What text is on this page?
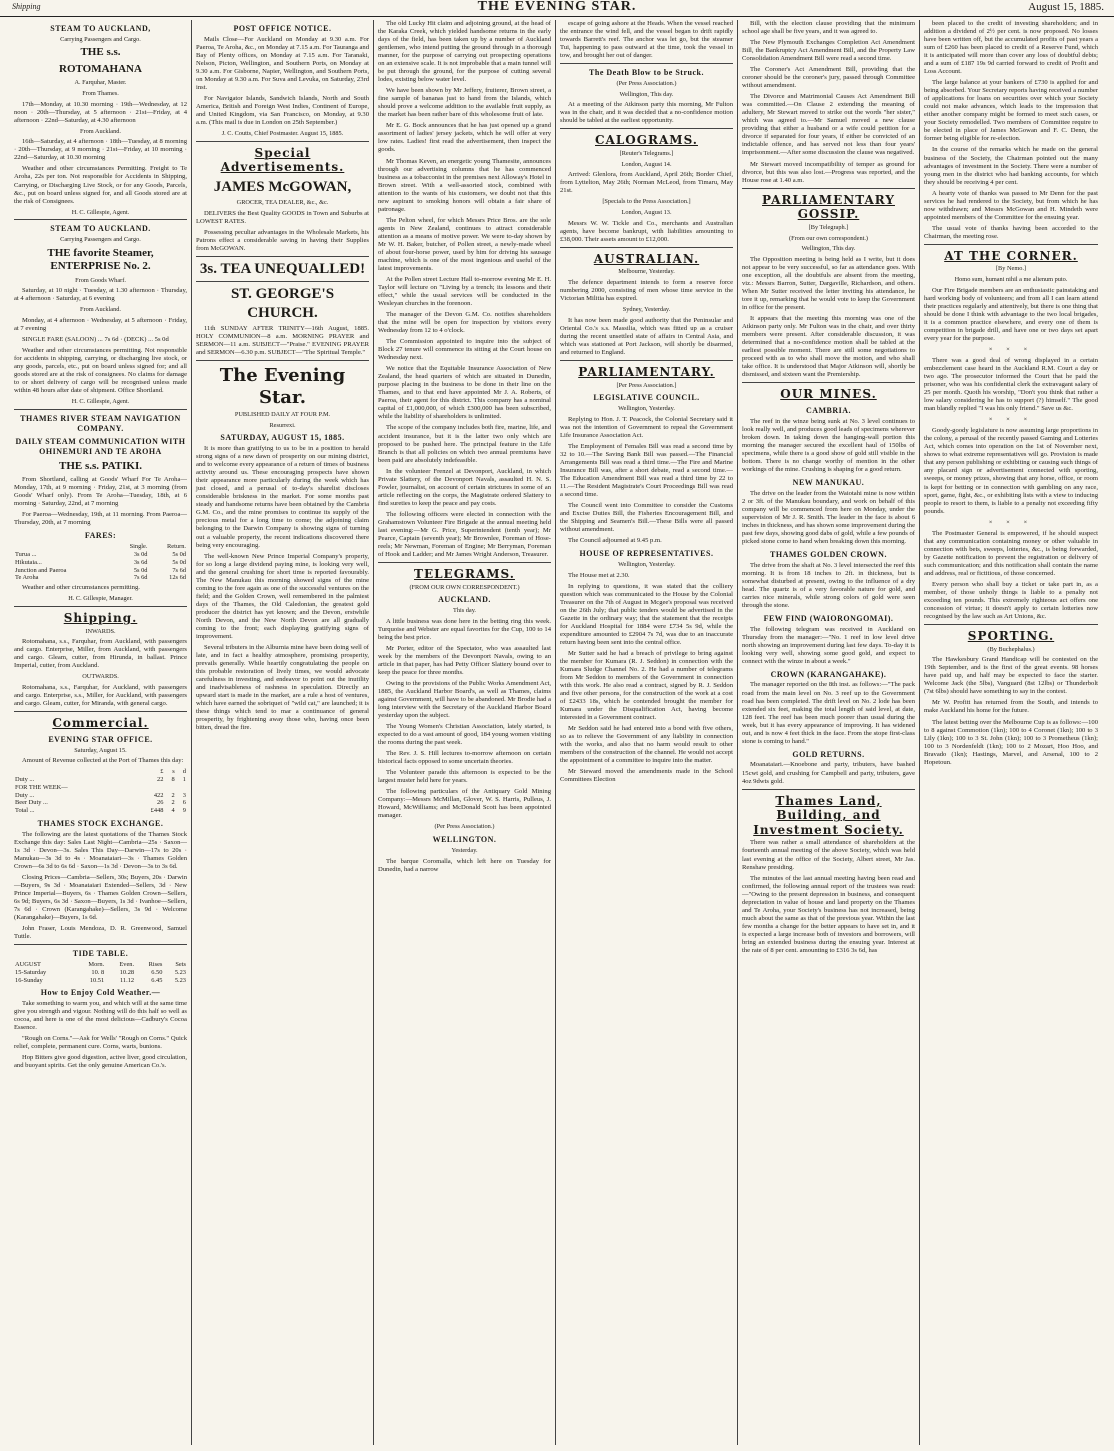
Shipping	THE EVENING STAR.	August 15, 1885.
STEAM TO AUCKLAND,
Carrying Passengers and Cargo.
THE s.s.
ROTOMAHANA
A. Farquhar, Master.
From Thames.

17th—Monday, at 10.30 morning · 19th—Wednesday, at 12 noon · 20th—Thursday, at 5 afternoon · 21st—Friday, at 4 afternoon · 22nd—Saturday, at 4.30 afternoon

From Auckland.

16th—Saturday, at 4 afternoon · 18th—Tuesday, at 8 morning · 20th—Thursday, at 9 morning · 21st—Friday, at 10 morning · 22nd—Saturday, at 10.30 morning

Weather and other circumstances Permitting. Freight to Te Aroha, 22s per ton. Not responsible for Accidents in Shipping, Carrying, or Discharging Live Stock, or for any Goods, Parcels, &c., put on board unless signed for, and all Goods stored are at the risk of Consignees.

H. C. Gillespie, Agent.
STEAM TO AUCKLAND.
Carrying Passengers and Cargo.
THE favorite Steamer, ENTERPRISE No. 2.
From Goods Wharf.

Saturday, at 10 night · Tuesday, at 1.30 afternoon · Thursday, at 4 afternoon · Saturday, at 6 evening

From Auckland.

Monday, at 4 afternoon · Wednesday, at 5 afternoon · Friday, at 7 evening

SINGLE FARE (SALOON) ... 7s 6d · (DECK) ... 5s 0d

Weather and other circumstances permitting. Not responsible for accidents in shipping, carrying, or discharging live stock, or any goods, parcels, etc., put on board unless signed for; and all goods stored are at the risk of consignees. No claims for damage to or short delivery of cargo will be recognised unless made within 48 hours after date of shipment. Office Shortland.

H. C. Gillespie, Agent.
THAMES RIVER STEAM NAVIGATION COMPANY.
DAILY STEAM COMMUNICATION WITH OHINEMURI AND TE AROHA
THE s.s. PATIKI.

From Shortland, calling at Goods' Wharf For Te Aroha—Monday, 17th, at 9 morning · Friday, 21st, at 3 morning (from Goods' Wharf only). From Te Aroha—Tuesday, 18th, at 6 morning · Saturday, 22nd, at 7 morning

For Paeroa—Wednesday, 19th, at 11 morning. From Paeroa—Thursday, 20th, at 7 morning

FARES:
	Single.	Return.
Turua ...	3s 0d	5s 0d
Hikutaia...	3s 6d	5s 0d
Junction and Paeroa	5s 0d	7s 6d
Te Aroha	7s 6d	12s 6d

Weather and other circumstances permitting.

H. C. Gillespie, Manager.
Shipping.
INWARDS.

Rotomahana, s.s., Farquhar, from Auckland, with passengers and cargo. Enterprise, Miller, from Auckland, with passengers and cargo. Gleam, cutter, from Hirunda, in ballast. Prince Imperial, cutter, from Auckland.

OUTWARDS.

Rotomahana, s.s., Farquhar, for Auckland, with passengers and cargo. Enterprise, s.s., Miller, for Auckland, with passengers and cargo. Gleam, cutter, for Miranda, with general cargo.

Commercial.
EVENING STAR OFFICE.
Saturday, August 15.

Amount of Revenue collected at the Port of Thames this day:

	£	s	d
Duty ...	22	8	1
FOR THE WEEK—			
Duty ...	422	2	3
Beer Duty ...	26	2	6
Total ...	£448	4	9
THAMES STOCK EXCHANGE.

The following are the latest quotations of the Thames Stock Exchange this day: Sales Last Night—Cambria—25s · Saxon—1s 3d · Devon—3s. Sales This Day—Darwin—17s to 20s · Manukau—3s 3d to 4s · Moanataiari—3s · Thames Golden Crown—6s 3d to 6s 6d · Saxon—1s 3d · Devon—3s to 3s 6d.

Closing Prices—Cambria—Sellers, 30s; Buyers, 20s · Darwin—Buyers, 9s 3d · Moanataiari Extended—Sellers, 3d · New Prince Imperial—Buyers, 6s · Thames Golden Crown—Sellers, 6s 9d; Buyers, 6s 3d · Saxon—Buyers, 1s 3d · Ivanhoe—Sellers, 7s 6d · Crown (Karangahake)—Sellers, 3s 9d · Welcome (Karangahake)—Buyers, 1s 6d.

John Fraser, Louis Mendoza, D. R. Greenwood, Samuel Tuttle.

TIDE TABLE.
AUGUST	Morn.	Even.	Rises	Sets
15-Saturday	10. 8	10.28	6.50	5.23
16-Sunday	10.51	11.12	6.45	5.23
How to Enjoy Cold Weather.—

Take something to warm you, and which will at the same time give you strength and vigour. Nothing will do this half so well as cocoa, and here is one of the most delicious—Cadbury's Cocoa Essence.

"Rough on Corns."—Ask for Wells' "Rough on Corns." Quick relief, complete, permanent cure. Corns, warts, bunions.

Hop Bitters give good digestion, active liver, good circulation, and buoyant spirits. Get the only genuine American Co.'s.

POST OFFICE NOTICE.

Mails Close—For Auckland on Monday at 9.30 a.m. For Paeroa, Te Aroha, &c., on Monday at 7.15 a.m. For Tauranga and Bay of Plenty offices, on Monday at 7.15 a.m. For Taranaki, Nelson, Picton, Wellington, and Southern Ports, on Monday at 9.30 a.m. For Gisborne, Napier, Wellington, and Southern Ports, on Monday at 9.30 a.m. For Suva and Levuka, on Saturday, 23rd inst.

For Navigator Islands, Sandwich Islands, North and South America, British and Foreign West Indies, Continent of Europe, and United Kingdom, via San Francisco, on Monday, at 9.30 a.m. (This mail is due in London on 25th September.)

J. C. Coutts, Chief Postmaster. August 15, 1885.
Special Advertisements.
JAMES McGOWAN,
GROCER, TEA DEALER, &c., &c.

DELIVERS the Best Quality GOODS in Town and Suburbs at LOWEST RATES.

Possessing peculiar advantages in the Wholesale Markets, his Patrons effect a considerable saving in having their Supplies from McGOWAN.

3s. TEA UNEQUALLED!
ST. GEORGE'S CHURCH.

11th SUNDAY AFTER TRINITY—16th August, 1885. HOLY COMMUNION—8 a.m. MORNING PRAYER and SERMON—11 a.m. SUBJECT—"Praise." EVENING PRAYER and SERMON—6.30 p.m. SUBJECT—"The Spiritual Temple."

The Evening Star.
PUBLISHED DAILY AT FOUR P.M.
Resurrexi.
SATURDAY, AUGUST 15, 1885.

It is more than gratifying to us to be in a position to herald strong signs of a new dawn of prosperity on our mining district, and to welcome every appearance of a return of times of business activity around us. These encouraging prospects have shown their appearance more particularly during the week which has just closed, and a perusal of to-day's sharelist discloses considerable briskness in the market. For some months past steady and handsome returns have been obtained by the Cambria G.M. Co., and the mine promises to continue its supply of the precious metal for a long time to come; the adjoining claim belonging to the Darwin Company is showing signs of turning out a valuable property, the recent indications discovered there being very encouraging.

The well-known New Prince Imperial Company's property, for so long a large dividend paying mine, is looking very well, and the general crushing for short time is reported favourably. The New Manukau this morning showed signs of the mine coming to the fore again as one of the successful ventures on the field; and the Golden Crown, well remembered in the palmiest days of the Thames, the Old Caledonian, the greatest gold producer the district has yet known; and the Devon, erstwhile North Devon, and the New North Devon are all gradually coming to the front; each displaying gratifying signs of improvement.

Several tributers in the Alburnia mine have been doing well of late, and in fact a healthy atmosphere, promising prosperity, prevails generally. While heartily congratulating the people on this probable restoration of lively times, we would advocate carefulness in investing, and endeavor to point out the inutility and inadvisableness of rashness in speculation. Directly an upward start is made in the market, are a rule a host of ventures, which have earned the sobriquet of "wild cat," are launched; it is these things which tend to mar a continuance of general prosperity, by frightening away those who, having once been bitten, dread the fire.

The old Lucky Hit claim and adjoining ground, at the head of the Karaka Creek, which yielded handsome returns in the early days of the field, has been taken up by a number of Auckland gentlemen, who intend putting the ground through in a thorough manner, for the purpose of carrying out prospecting operations on an extensive scale. It is not improbable that a main tunnel will be put through the ground, for the purpose of cutting several lodes, existing below water level.

We have been shown by Mr Jeffery, fruiterer, Brown street, a fine sample of bananas just to hand from the Islands, which should prove a welcome addition to the available fruit supply, as the market has been rather bare of this wholesome fruit of late.

Mr E. G. Bock announces that he has just opened up a grand assortment of ladies' jersey jackets, which he will offer at very low rates. Ladies! first read the advertisement, then inspect the goods.

Mr Thomas Keven, an energetic young Thamesite, announces through our advertising columns that he has commenced business as a tobacconist in the premises next Alloway's Hotel in Brown street. With a well-assorted stock, combined with attention to the wants of his customers, we doubt not that this new aspirant to smoking honors will obtain a fair share of patronage.

The Pelton wheel, for which Messrs Price Bros. are the sole agents in New Zealand, continues to attract considerable attention as a means of motive power. We were to-day shown by Mr W. H. Baker, butcher, of Pollen street, a newly-made wheel of about four-horse power, used by him for driving his sausage machine, which is one of the most ingenious and useful of the latest improvements.

At the Pollen street Lecture Hall to-morrow evening Mr E. H. Taylor will lecture on "Living by a trench; its lessons and their effect," while the usual services will be conducted in the Wesleyan churches in the forenoon.

The manager of the Devon G.M. Co. notifies shareholders that the mine will be open for inspection by visitors every Wednesday from 12 to 4 o'clock.

The Commission appointed to inquire into the subject of Block 27 tenure will commence its sitting at the Court house on Wednesday next.

We notice that the Equitable Insurance Association of New Zealand, the head quarters of which are situated in Dunedin, purpose placing in the business to be done in their line on the Thames, and to that end have appointed Mr J. A. Roberts, of Paeroa, their agent for this district. This company has a nominal capital of £1,000,000, of which £300,000 has been subscribed, while the liability of shareholders is unlimited.

The scope of the company includes both fire, marine, life, and accident insurance, but it is the latter two only which are proposed to be pushed here. The principal feature in the Life Branch is that all policies on which two annual premiums have been paid are absolutely indefeasible.

In the volunteer Frenzel at Devonport, Auckland, in which Private Slattery, of the Devonport Navals, assaulted H. N. S. Fowler, journalist, on account of certain strictures in some of an article reflecting on the corps, the Magistrate ordered Slattery to find sureties to keep the peace and pay costs.

The following officers were elected in connection with the Grahamstown Volunteer Fire Brigade at the annual meeting held last evening:—Mr G. Price, Superintendent (tenth year); Mr Pearce, Captain (seventh year); Mr Brownlee, Foreman of Hose-reels; Mr Newman, Foreman of Engine; Mr Berryman, Foreman of Hook and Ladder; and Mr James Wright Anderson, Treasurer.

TELEGRAMS.
(FROM OUR OWN CORRESPONDENT.)
AUCKLAND.
This day.

A little business was done here in the betting ring this week. Turquoise and Webster are equal favorites for the Cup, 100 to 14 being the best price.

Mr Porter, editor of the Spectator, who was assaulted last week by the members of the Devonport Navals, owing to an article in that paper, has had Petty Officer Slattery bound over to keep the peace for three months.

Owing to the provisions of the Public Works Amendment Act, 1885, the Auckland Harbor Board's, as well as Thames, claims against Government, will have to be abandoned. Mr Brodie had a long interview with the Secretary of the Auckland Harbor Board yesterday upon the subject.

The Young Women's Christian Association, lately started, is expected to do a vast amount of good, 184 young women visiting the rooms during the past week.

The Rev. J. S. Hill lectures to-morrow afternoon on certain historical facts opposed to some uncertain theories.

The Volunteer parade this afternoon is expected to be the largest muster held here for years.

The following particulars of the Antiquary Gold Mining Company:—Messrs McMillan, Glover, W. S. Harris, Pulleus, J. Howard, McWilliams; and McDonald Scott has been appointed manager.

(Per Press Association.)
WELLINGTON.
Yesterday.

The barque Coromalla, which left here on Tuesday for Dunedin, had a narrow

escape of going ashore at the Heads. When the vessel reached the entrance the wind fell, and the vessel began to drift rapidly towards Barrett's reef. The anchor was let go, but the steamer Tui, happening to pass outward at the time, took the vessel in tow, and brought her out of danger.

The Death Blow to be Struck.
(Per Press Association.)
Wellington, This day.

At a meeting of the Atkinson party this morning, Mr Fulton was in the chair, and it was decided that a no-confidence motion should be tabled at the earliest opportunity.

CALOGRAMS.
[Reuter's Telegrams.]
London, August 14.

Arrived: Glenlora, from Auckland, April 26th; Border Chief, from Lyttelton, May 26th; Norman McLeod, from Timaru, May 21st.

[Specials to the Press Association.]
London, August 13.

Messrs W. W. Tickle and Co., merchants and Australian agents, have become bankrupt, with liabilities amounting to £38,000. Their assets amount to £12,000.

AUSTRALIAN.
Melbourne, Yesterday.

The defence department intends to form a reserve force numbering 2000, consisting of men whose time service in the Victorian Militia has expired.

Sydney, Yesterday.

It has now been made good authority that the Peninsular and Oriental Co.'s s.s. Massilia, which was fitted up as a cruiser during the recent unsettled state of affairs in Central Asia, and which was stationed at Port Jackson, will shortly be disarmed, and returned to England.

PARLIAMENTARY.
[Per Press Association.]
LEGISLATIVE COUNCIL.
Wellington, Yesterday.

Replying to Hon. J. T. Peacock, the Colonial Secretary said it was not the intention of Government to repeal the Government Life Insurance Association Act.

The Employment of Females Bill was read a second time by 32 to 10.—The Saving Bank Bill was passed.—The Financial Arrangements Bill was read a third time.—The Fire and Marine Insurance Bill was, after a short debate, read a second time.—The Education Amendment Bill was read a third time by 22 to 11.—The Resident Magistrate's Court Proceedings Bill was read a second time.

The Council went into Committee to consider the Customs and Excise Duties Bill, the Fisheries Encouragement Bill, and the Shipping and Seamen's Bill.—These Bills were all passed without amendment.

The Council adjourned at 9.45 p.m.

HOUSE OF REPRESENTATIVES.
Wellington, Yesterday.

The House met at 2.30.

In replying to questions, it was stated that the colliery question which was communicated to the House by the Colonial Treasurer on the 7th of August in Mcgee's proposal was received on the 26th July; that public tenders would be advertised in the Gazette in the ordinary way; that the statement that the receipts for Auckland Hospital for 1884 were £734 5s 9d, while the expenditure amounted to £2904 7s 7d, was due to an inaccurate return having been sent into the central office.

Mr Sutter said he had a breach of privilege to bring against the member for Kumara (R. J. Seddon) in connection with the Kumara Sludge Channel No. 2. He had a number of telegrams from Mr Seddon to members of the Government in connection with this work. He also read a contract, signed by R. J. Seddon and five other persons, for the construction of the work at a cost of £2433 18s, which he contended brought the member for Kumara under the Disqualification Act, having become interested in a Government contract.

Mr Seddon said he had entered into a bond with five others, so as to relieve the Government of any liability in connection with the works, and also that no harm would result to other members of the construction of the channel. He would not accept the appointment of a committee to inquire into the matter.

Mr Steward moved the amendments made in the School Committees Election

Bill, with the election clause providing that the minimum school age shall be five years, and it was agreed to.

The New Plymouth Exchanges Completion Act Amendment Bill, the Bankruptcy Act Amendment Bill, and the Property Law Consolidation Amendment Bill were read a second time.

The Coroner's Act Amendment Bill, providing that the coroner should be the coroner's jury, passed through Committee without amendment.

The Divorce and Matrimonial Causes Act Amendment Bill was committed.—On Clause 2 extending the meaning of adultery, Mr Stewart moved to strike out the words "her sister," which was agreed to.—Mr Samuel moved a new clause providing that either a husband or a wife could petition for a divorce if separated for four years, if either be convicted of an indictable offence, and has served not less than four years' imprisonment.—After some discussion the clause was negatived.

Mr Stewart moved incompatibility of temper as ground for divorce, but this was also lost.—Progress was reported, and the House rose at 1.40 a.m.

PARLIAMENTARY GOSSIP.
[By Telegraph.]
(From our own correspondent.)
Wellington, This day.

The Opposition meeting is being held as I write, but it does not appear to be very successful, so far as attendance goes. With one exception, all the doubtfuls are absent from the meeting, viz.: Messrs Barron, Sutter, Dargaville, Richardson, and others. When Mr Sutter received the letter inviting his attendance, he tore it up, remarking that he would vote to keep the Government in office for the present.

It appears that the meeting this morning was one of the Atkinson party only. Mr Fulton was in the chair, and over thirty members were present. After considerable discussion, it was determined that a no-confidence motion shall be tabled at the earliest possible moment. There are still some negotiations to proceed with as to who shall move the motion, and who shall take office. It is understood that Major Atkinson will, shortly be dismissed, and sixteen want the Premiership.

OUR MINES.
CAMBRIA.

The reef in the winze being sunk at No. 3 level continues to look really well, and produces good leads of specimens wherever broken down. In taking down the hanging-wall portion this morning the manager secured the excellent haul of 150lbs of specimens, while there is a good show of gold still visible in the bottom. There is no change worthy of mention in the other workings of the mine. Crushing is shaping for a good return.

NEW MANUKAU.

The drive on the leader from the Waiotahi mine is now within 2 or 3ft. of the Manukau boundary, and work on behalf of this company will be commenced from here on Monday, under the supervision of Mr J. R. Smith. The leader in the face is about 6 inches in thickness, and has shown some improvement during the past few days, showing good dabs of gold, while a few pounds of picked stone come to hand when breaking down this morning.

THAMES GOLDEN CROWN.

The drive from the shaft at No. 3 level intersected the reef this morning. It is from 18 inches to 2ft. in thickness, but is somewhat disturbed at present, owing to the influence of a dry head. The quartz is of a very favorable nature for gold, and carries nice minerals, while strong colors of gold were seen through the stone.

FEW FIND (WAIORONGOMAI).

The following telegram was received in Auckland on Thursday from the manager:—"No. 1 reef in low level drive north showing an improvement during last few days. To-day it is looking very well, showing some good gold, and expect to connect with the winze in about a week."

CROWN (KARANGAHAKE).

The manager reported on the 8th inst. as follows:—"The pack road from the main level on No. 3 reef up to the Government road has been completed. The drift level on No. 2 lode has been extended six feet, making the total length of said level, at date, 128 feet. The reef has been much poorer than usual during the week, but it has every appearance of improving. It has widened out, and is now 4 feet thick in the face. From the stope first-class stone is coming to hand."

GOLD RETURNS.

Moanataiari.—Knoebone and party, tributers, have bashed 15cwt gold, and crushing for Campbell and party, tributers, gave 4oz 9dwts gold.

Thames Land, Building, and Investment Society.

There was rather a small attendance of shareholders at the fourteenth annual meeting of the above Society, which was held last evening at the office of the Society, Albert street, Mr Jas. Renshaw presiding.

The minutes of the last annual meeting having been read and confirmed, the following annual report of the trustees was read:—"Owing to the present depression in business, and consequent depreciation in value of house and land property on the Thames and Te Aroha, your Society's business has not increased, being much about the same as that of the previous year. Within the last few months a change for the better appears to have set in, and it is expected a large increase both of investors and borrowers, will bring an extended business during the ensuing year. Interest at the rate of 8 per cent. amounting to £316 3s 6d, has

been placed to the credit of investing shareholders; and in addition a dividend of 2½ per cent. is now proposed. No losses have been written off, but the accumulated profits of past years a sum of £260 has been placed to credit of a Reserve Fund, which it is anticipated will more than cover any loss of doubtful debts; and a sum of £187 19s 9d carried forward to credit of Profit and Loss Account.

The large balance at your bankers of £730 is applied for and being absorbed. Your Secretary reports having received a number of applications for loans on securities over which your Society could not make advances, which leads to the impression that either another company might be formed to meet such cases, or your Society remodelled. Two members of Committee require to be elected in place of James McGowan and F. C. Denn, the former being eligible for re-election.

In the course of the remarks which he made on the general business of the Society, the Chairman pointed out the many advantages of investment in the Society. There were a number of young men in the district who had banking accounts, for which they should be receiving 4 per cent.

A hearty vote of thanks was passed to Mr Denn for the past services he had rendered to the Society, but from which he has now withdrawn; and Messrs McGowan and H. Mindeth were appointed members of the Committee for the ensuing year.

The usual vote of thanks having been accorded to the Chairman, the meeting rose.

AT THE CORNER.
[By Nemo.]
Homo sum, humani nihil a me alienum puto.

Our Fire Brigade members are an enthusiastic painstaking and hard working body of volunteers; and from all I can learn attend their practices regularly and attentively, but there is one thing that should be done I think with advantage to the two local brigades, it is a common practice elsewhere, and every one of them is competition in brigade drill, and have one or two days set apart every year for the purpose.

× × ×

There was a good deal of wrong displayed in a certain embezzlement case heard in the Auckland R.M. Court a day or two ago. The prosecutor informed the Court that he paid the prisoner, who was his confidential clerk the extravagant salary of 25 per month. Quoth his worship, "Don't you think that rather a low salary considering he has to support (?) himself." The good man blandly replied "I was his only friend." Save us &c.

× × ×

Goody-goody legislature is now assuming large proportions in the colony, a perusal of the recently passed Gaming and Lotteries Act, which comes into operation on the 1st of November next, shows to what extreme representatives will go. Provision is made that any person publishing or exhibiting or causing such things of any placard sign or advertisement connected with sporting, sweeps, or money prizes, showing that any horse, office, or room is kept for betting or in connection with gambling on any race, sport, game, fight, &c., or exhibiting lists with a view to inducing people to resort to them, is liable to a penalty not exceeding fifty pounds.

× × ×

The Postmaster General is empowered, if he should suspect that any communication containing money or other valuable in connection with bets, sweeps, lotteries, &c., is being forwarded, by Gazette notification to prevent the registration or delivery of such communication; and this notification shall contain the name and address, real or fictitious, of those concerned.

Every person who shall buy a ticket or take part in, as a member, of those unholy things is liable to a penalty not exceeding ten pounds. This extremely righteous act offers one concession of virtue; it doesn't apply to certain lotteries now recognised by the law such as Art Unions, &c.

SPORTING.
(By Buchephalus.)

The Hawkesbury Grand Handicap will be contested on the 19th September, and is the first of the great events. 98 horses have paid up, and half may be expected to face the starter. Welcome Jack (the 5lbs), Vanguard (8st 12lbs) or Thunderbolt (7st 6lbs) should have something to say in the contest.

Mr W. Profitt has returned from the South, and intends to make Auckland his home for the future.

The latest betting over the Melbourne Cup is as follows:—100 to 8 against Commotion (1kn); 100 to 4 Coronet (1kn); 100 to 3 Lily (1kn); 100 to 3 St. John (1kn); 100 to 3 Prometheus (1kn); 100 to 3 Nordenfeldt (1kn); 100 to 2 Mozart, Hoo Hoo, and Bravado (1kn); Hastings, Marvel, and Arsenal, 100 to 2 Hopetoun.
